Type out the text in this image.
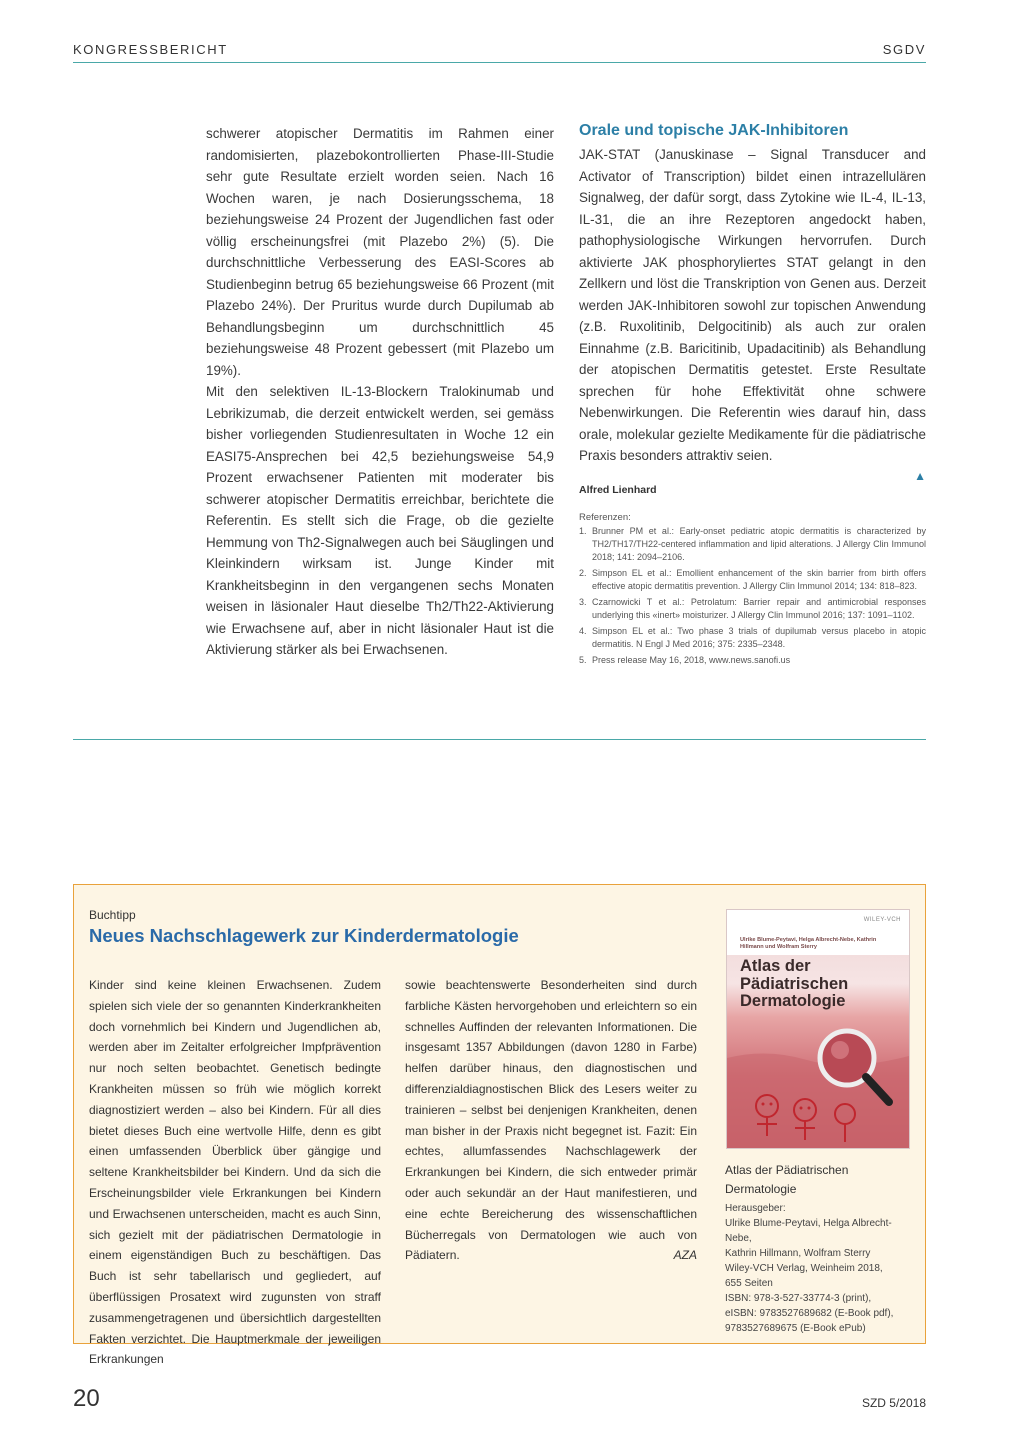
KONGRESSBERICHT	SGDV

schwerer atopischer Dermatitis im Rahmen einer randomisierten, plazebokontrollierten Phase-III-Studie sehr gute Resultate erzielt worden seien. Nach 16 Wochen waren, je nach Dosierungsschema, 18 beziehungsweise 24 Prozent der Jugendlichen fast oder völlig erscheinungsfrei (mit Plazebo 2%) (5). Die durchschnittliche Verbesserung des EASI-Scores ab Studienbeginn betrug 65 beziehungsweise 66 Prozent (mit Plazebo 24%). Der Pruritus wurde durch Dupilumab ab Behandlungsbeginn um durchschnittlich 45 beziehungsweise 48 Prozent gebessert (mit Plazebo um 19%).

Mit den selektiven IL-13-Blockern Tralokinumab und Lebrikizumab, die derzeit entwickelt werden, sei gemäss bisher vorliegenden Studienresultaten in Woche 12 ein EASI75-Ansprechen bei 42,5 beziehungsweise 54,9 Prozent erwachsener Patienten mit moderater bis schwerer atopischer Dermatitis erreichbar, berichtete die Referentin. Es stellt sich die Frage, ob die gezielte Hemmung von Th2-Signalwegen auch bei Säuglingen und Kleinkindern wirksam ist. Junge Kinder mit Krankheitsbeginn in den vergangenen sechs Monaten weisen in läsionaler Haut dieselbe Th2/Th22-Aktivierung wie Erwachsene auf, aber in nicht läsionaler Haut ist die Aktivierung stärker als bei Erwachsenen.

Orale und topische JAK-Inhibitoren

JAK-STAT (Januskinase – Signal Transducer and Activator of Transcription) bildet einen intrazellulären Signalweg, der dafür sorgt, dass Zytokine wie IL-4, IL-13, IL-31, die an ihre Rezeptoren angedockt haben, pathophysiologische Wirkungen hervorrufen. Durch aktivierte JAK phosphoryliertes STAT gelangt in den Zellkern und löst die Transkription von Genen aus. Derzeit werden JAK-Inhibitoren sowohl zur topischen Anwendung (z.B. Ruxolitinib, Delgocitinib) als auch zur oralen Einnahme (z.B. Baricitinib, Upadacitinib) als Behandlung der atopischen Dermatitis getestet. Erste Resultate sprechen für hohe Effektivität ohne schwere Nebenwirkungen. Die Referentin wies darauf hin, dass orale, molekular gezielte Medikamente für die pädiatrische Praxis besonders attraktiv seien.

▲
Alfred Lienhard
Referenzen:
1. Brunner PM et al.: Early-onset pediatric atopic dermatitis is characterized by TH2/TH17/TH22-centered inflammation and lipid alterations. J Allergy Clin Immunol 2018; 141: 2094–2106.
2. Simpson EL et al.: Emollient enhancement of the skin barrier from birth offers effective atopic dermatitis prevention. J Allergy Clin Immunol 2014; 134: 818–823.
3. Czarnowicki T et al.: Petrolatum: Barrier repair and antimicrobial responses underlying this «inert» moisturizer. J Allergy Clin Immunol 2016; 137: 1091–1102.
4. Simpson EL et al.: Two phase 3 trials of dupilumab versus placebo in atopic dermatitis. N Engl J Med 2016; 375: 2335–2348.
5. Press release May 16, 2018, www.news.sanofi.us
Buchtipp
Neues Nachschlagewerk zur Kinderdermatologie

Kinder sind keine kleinen Erwachsenen. Zudem spielen sich viele der so genannten Kinderkrankheiten doch vornehmlich bei Kindern und Jugendlichen ab, werden aber im Zeitalter erfolgreicher Impfprävention nur noch selten beobachtet. Genetisch bedingte Krankheiten müssen so früh wie möglich korrekt diagnostiziert werden – also bei Kindern. Für all dies bietet dieses Buch eine wertvolle Hilfe, denn es gibt einen umfassenden Überblick über gängige und seltene Krankheitsbilder bei Kindern. Und da sich die Erscheinungsbilder viele Erkrankungen bei Kindern und Erwachsenen unterscheiden, macht es auch Sinn, sich gezielt mit der pädiatrischen Dermatologie in einem eigenständigen Buch zu beschäftigen. Das Buch ist sehr tabellarisch und gegliedert, auf überflüssigen Prosatext wird zugunsten von straff zusammengetragenen und übersichtlich dargestellten Fakten verzichtet. Die Hauptmerkmale der jeweiligen Erkrankungen

sowie beachtenswerte Besonderheiten sind durch farbliche Kästen hervorgehoben und erleichtern so ein schnelles Auffinden der relevanten Informationen. Die insgesamt 1357 Abbildungen (davon 1280 in Farbe) helfen darüber hinaus, den diagnostischen und differenzialdiagnostischen Blick des Lesers weiter zu trainieren – selbst bei denjenigen Krankheiten, denen man bisher in der Praxis nicht begegnet ist. Fazit: Ein echtes, allumfassendes Nachschlagewerk der Erkrankungen bei Kindern, die sich entweder primär oder auch sekundär an der Haut manifestieren, und eine echte Bereicherung des wissenschaftlichen Bücherregals von Dermatologen wie auch von Pädiatern.	AZA

WILEY-VCH
Ulrike Blume-Peytavi, Helga Albrecht-Nebe, Kathrin Hillmann und Wolfram Sterry
Atlas der Pädiatrischen Dermatologie

Atlas der Pädiatrischen Dermatologie

Herausgeber:
Ulrike Blume-Peytavi, Helga Albrecht-Nebe,
Kathrin Hillmann, Wolfram Sterry
Wiley-VCH Verlag, Weinheim 2018,
655 Seiten
ISBN: 978-3-527-33774-3 (print),
eISBN: 9783527689682 (E-Book pdf),
9783527689675 (E-Book ePub)

20	SZD 5/2018
